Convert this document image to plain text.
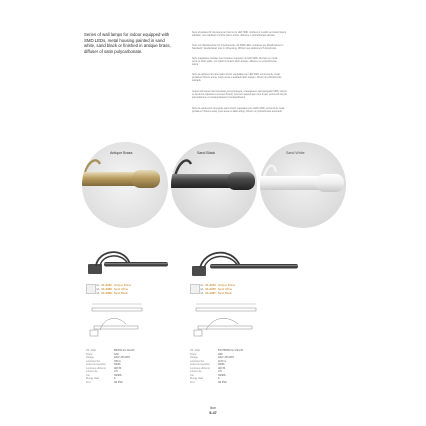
Series of wall lamps for indoor equipped with SMD LEDs, metal housing painted in sand white, sand black or finished in antique brass, diffuser of satin polycarbonate.
Serie di apparecchi da parete per interni con LED SMD, struttura in metallo verniciato bianco
sabbiato, nero sabbiato o finitura ottone antico, diffusore in policarbonato satinato.
Serie von Wandleuchten für Innenbereiche mit SMD-LEDs, Gehäuse aus Metall lackiert in
Sandweiß, Sandschwarz oder in Altmessing, Diffusor aus satiniertem Polycarbonat.
Série d'appliques murales pour l'intérieur équipées de LED SMD, structure en métal
peint en blanc sablé, noir sablé ou finition laiton antique, diffuseur en polycarbonate
satiné.
Serie de apliques de pared para interior equipadas con LED SMD, estructura de metal
pintada en blanco arena, negro arena o acabado latón antiguo, difusor de policarbonato
satinado.
Серия настенных светильников для интерьера, оснащённых светодиодами SMD, корпус
из металла окрашен в песочно-белый, песочно-чёрный цвет или в цвет античной латуни,
рассеиватель из сатинированного поликарбоната.
Série de candeeiros de parede para interior equipados com LEDs SMD, estrutura de metal
pintada em branco areia, preto areia ou latão antigo, difusor em policarbonato acetinado.
Antique Brass	Sand Black	Sand White
4A 01-3472 Antique Brass
4A 01-3469 Sand White
4A 01-3466 Sand Black
4A 01-3473 Antique Brass
4A 01-3470 Sand White
4A 01-3467 Sand Black
LM / Watt	880/510 lm/ 21lm/W
Power	12W
Voltage	220V~/50-60Hz
Luminous flux	780 lm
Colour temperature	3000K
Luminous efficiency	CRI 80
Lumen Life	L70
Life	30000h
Energy class	A
Cert.	CE IP20
LM / Watt	870/780/510 lm/ 21lm/W
Power	18W
Voltage	220V~/50-60Hz
Luminous flux	1170 lm
Colour temperature	3000K
Luminous efficiency	CRI 80
Lumen Life	L70
Life	30000h
Energy class	A
Cert.	CE IP20
Ikon
5-47
